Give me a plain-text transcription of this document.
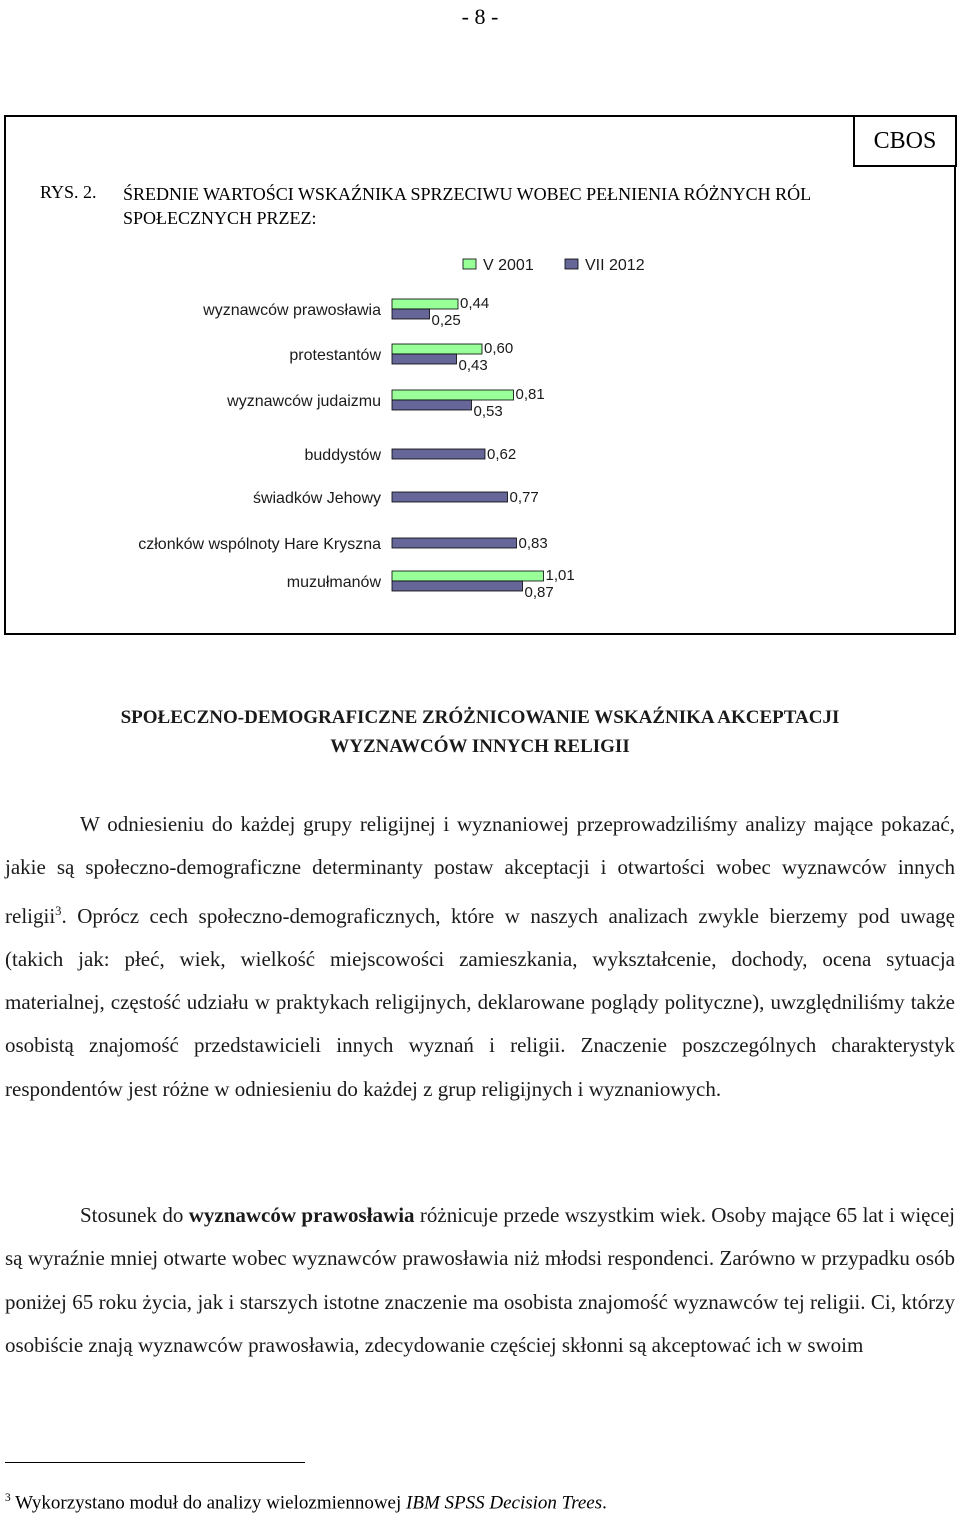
- 8 -
CBOS
RYS. 2. ŚREDNIE WARTOŚCI WSKAŹNIKA SPRZECIWU WOBEC PEŁNIENIA RÓŻNYCH RÓL SPOŁECZNYCH PRZEZ:
V 2001	VII 2012
wyznawców prawosławia	0,44
0,25
protestantów	0,60
0,43
wyznawców judaizmu	0,81
0,53
buddystów	0,62
świadków Jehowy	0,77
członków wspólnoty Hare Kryszna	0,83
muzułmanów	1,01
0,87
SPOŁECZNO-DEMOGRAFICZNE ZRÓŻNICOWANIE WSKAŹNIKA AKCEPTACJI
WYZNAWCÓW INNYCH RELIGII
W odniesieniu do każdej grupy religijnej i wyznaniowej przeprowadziliśmy analizy mające pokazać, jakie są społeczno-demograficzne determinanty postaw akceptacji i otwartości wobec wyznawców innych religii$^3$. Oprócz cech społeczno-demograficznych, które w naszych analizach zwykle bierzemy pod uwagę (takich jak: płeć, wiek, wielkość miejscowości zamieszkania, wykształcenie, dochody, ocena sytuacja materialnej, częstość udziału w praktykach religijnych, deklarowane poglądy polityczne), uwzględniliśmy także osobistą znajomość przedstawicieli innych wyznań i religii. Znaczenie poszczególnych charakterystyk respondentów jest różne w odniesieniu do każdej z grup religijnych i wyznaniowych.
Stosunek do wyznawców prawosławia różnicuje przede wszystkim wiek. Osoby mające 65 lat i więcej są wyraźnie mniej otwarte wobec wyznawców prawosławia niż młodsi respondenci. Zarówno w przypadku osób poniżej 65 roku życia, jak i starszych istotne znaczenie ma osobista znajomość wyznawców tej religii. Ci, którzy osobiście znają wyznawców prawosławia, zdecydowanie częściej skłonni są akceptować ich w swoim
$^3$ Wykorzystano moduł do analizy wielozmiennowej IBM SPSS Decision Trees.
